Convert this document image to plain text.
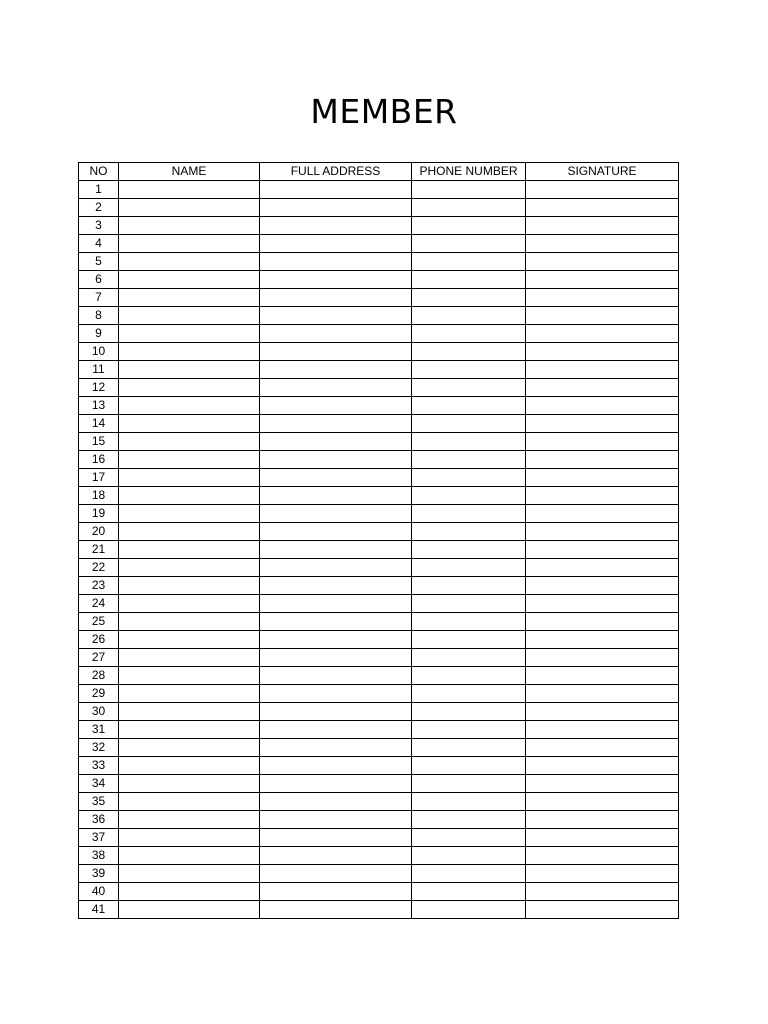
MEMBER
NO	NAME	FULL ADDRESS	PHONE NUMBER	SIGNATURE
1				
2				
3				
4				
5				
6				
7				
8				
9				
10				
11				
12				
13				
14				
15				
16				
17				
18				
19				
20				
21				
22				
23				
24				
25				
26				
27				
28				
29				
30				
31				
32				
33				
34				
35				
36				
37				
38				
39				
40				
41				
